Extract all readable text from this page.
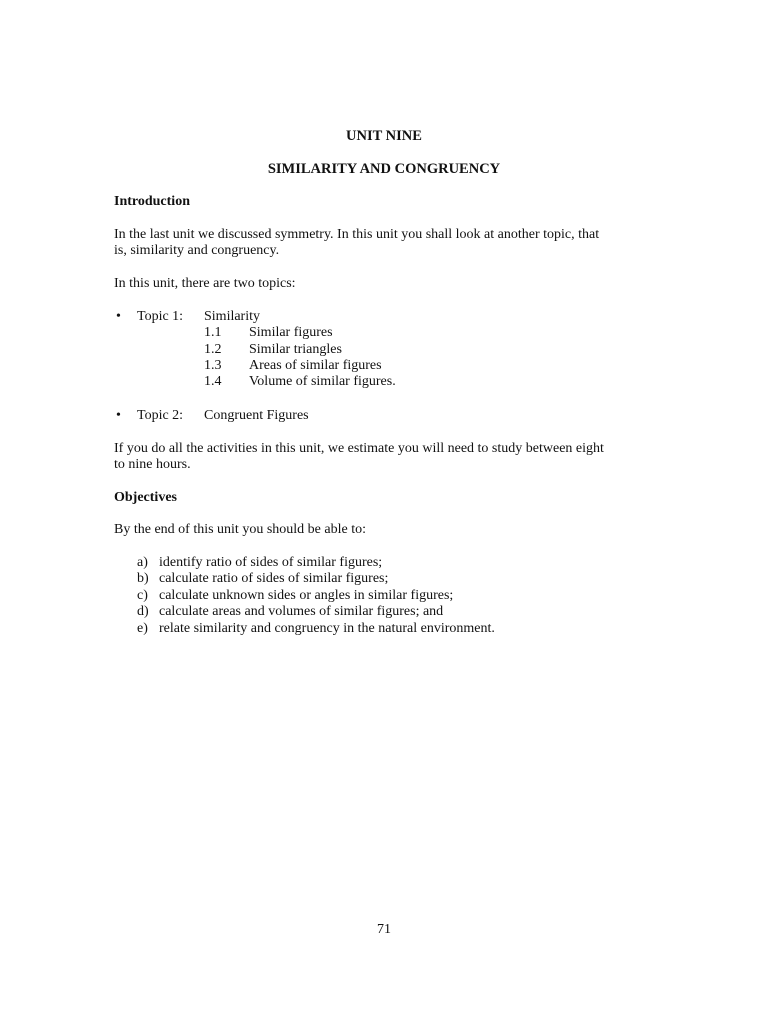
UNIT NINE
SIMILARITY AND CONGRUENCY
Introduction
In the last unit we discussed symmetry. In this unit you shall look at another topic, that
is, similarity and congruency.
In this unit, there are two topics:
• Topic 1: Similarity
1.1 Similar figures
1.2 Similar triangles
1.3 Areas of similar figures
1.4 Volume of similar figures.
• Topic 2: Congruent Figures
If you do all the activities in this unit, we estimate you will need to study between eight
to nine hours.
Objectives
By the end of this unit you should be able to:
a) identify ratio of sides of similar figures;
b) calculate ratio of sides of similar figures;
c) calculate unknown sides or angles in similar figures;
d) calculate areas and volumes of similar figures; and
e) relate similarity and congruency in the natural environment.
71
